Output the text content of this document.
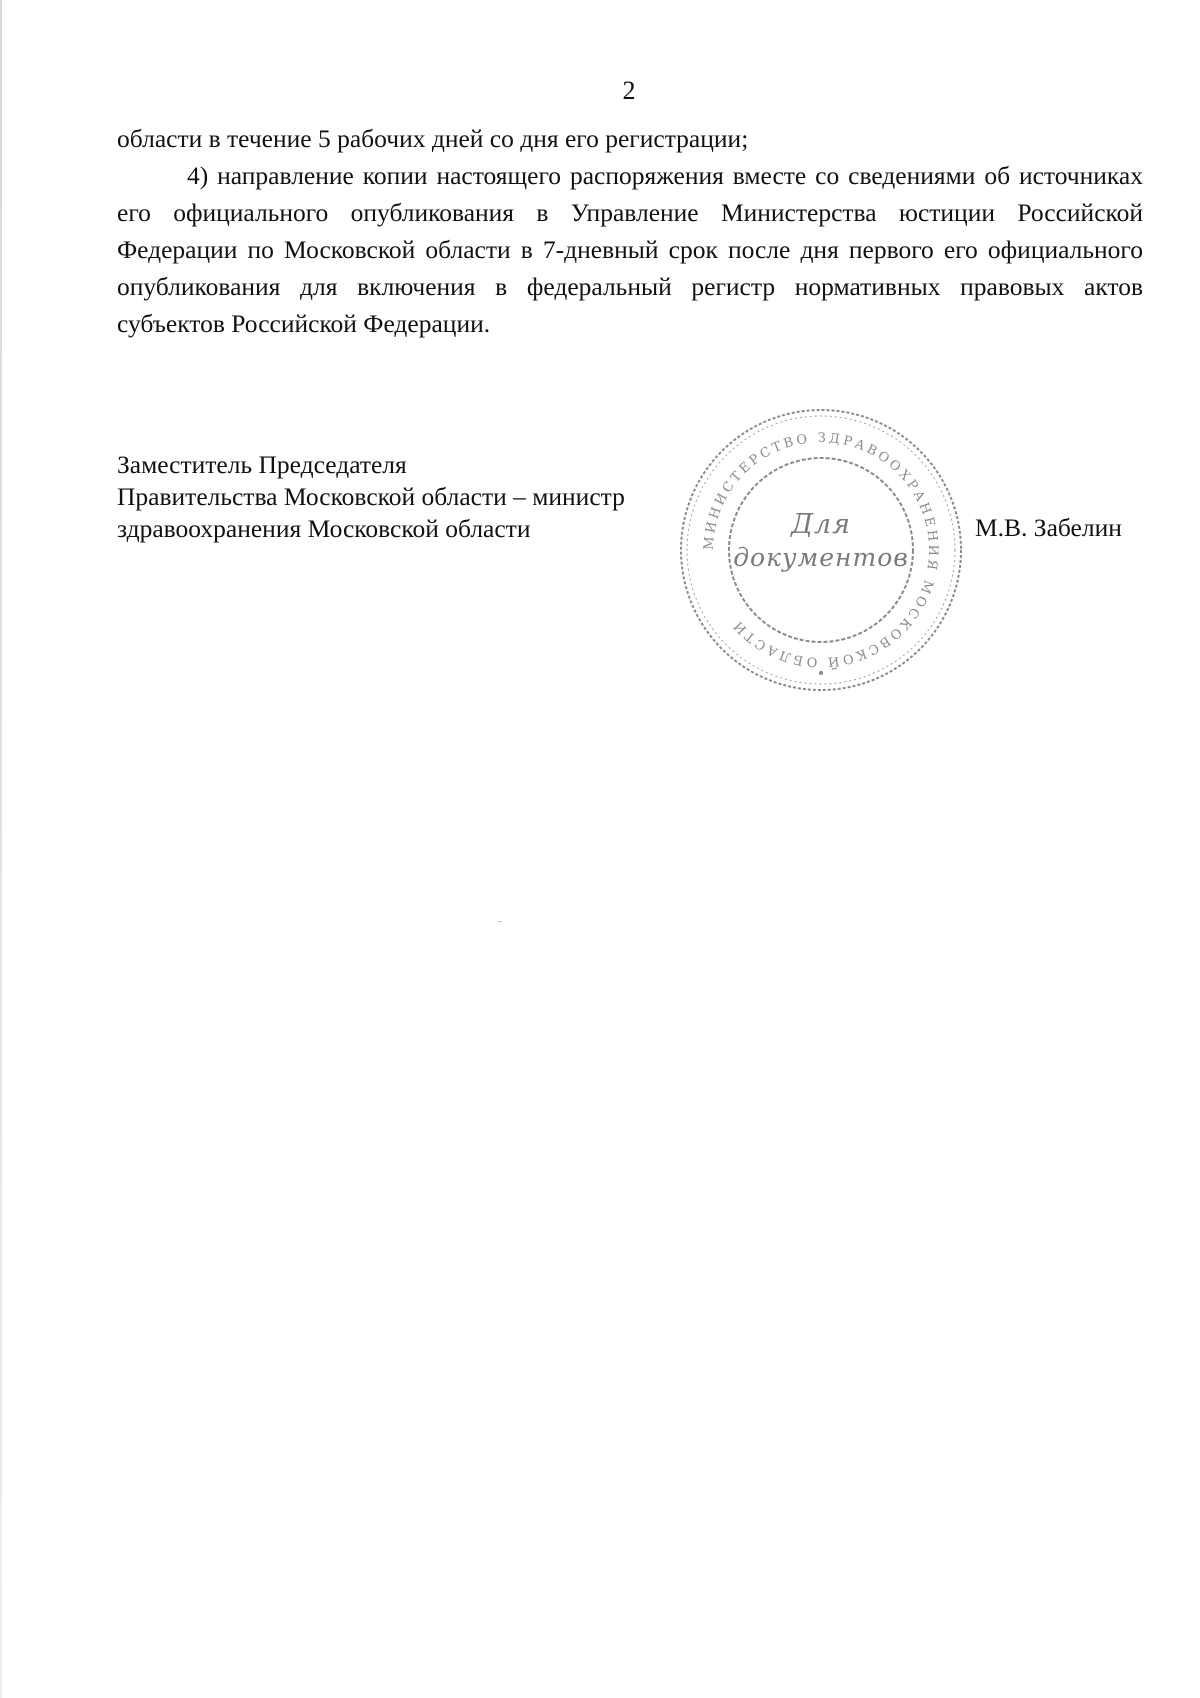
2

области в течение 5 рабочих дней со дня его регистрации;

4) направление копии настоящего распоряжения вместе со сведениями об источниках его официального опубликования в Управление Министерства юстиции Российской Федерации по Московской области в 7-дневный срок после дня первого его официального опубликования для включения в федеральный регистр нормативных правовых актов субъектов Российской Федерации.

Заместитель Председателя
Правительства Московской области – министр
здравоохранения Московской области	МИНИСТЕРСТВО ЗДРАВООХРАНЕНИЯ МОСКОВСКОЙ ОБЛАСТИ
Для
документов
М.В. Забелин
